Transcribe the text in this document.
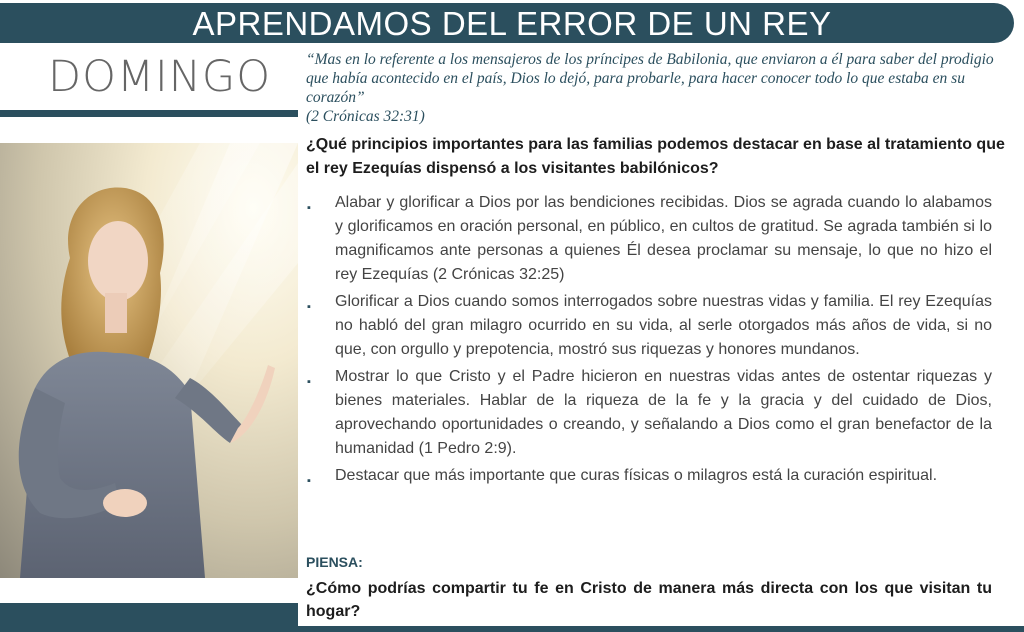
APRENDAMOS DEL ERROR DE UN REY
DOMINGO “Mas en lo referente a los mensajeros de los príncipes de Babilonia, que enviaron a él para saber del prodigio que había acontecido en el país, Dios lo dejó, para probarle, para hacer conocer todo lo que estaba en su corazón”
(2 Crónicas 32:31)
¿Qué principios importantes para las familias podemos destacar en base al tratamiento que el rey Ezequías dispensó a los visitantes babilónicos?
▪ Alabar y glorificar a Dios por las bendiciones recibidas. Dios se agrada cuando lo alabamos y glorificamos en oración personal, en público, en cultos de gratitud. Se agrada también si lo magnificamos ante personas a quienes Él desea proclamar su mensaje, lo que no hizo el rey Ezequías (2 Crónicas 32:25)
▪ Glorificar a Dios cuando somos interrogados sobre nuestras vidas y familia. El rey Ezequías no habló del gran milagro ocurrido en su vida, al serle otorgados más años de vida, si no que, con orgullo y prepotencia, mostró sus riquezas y honores mundanos.
▪ Mostrar lo que Cristo y el Padre hicieron en nuestras vidas antes de ostentar riquezas y bienes materiales. Hablar de la riqueza de la fe y la gracia y del cuidado de Dios, aprovechando oportunidades o creando, y señalando a Dios como el gran benefactor de la humanidad (1 Pedro 2:9).
▪ Destacar que más importante que curas físicas o milagros está la curación espiritual.
PIENSA:
¿Cómo podrías compartir tu fe en Cristo de manera más directa con los que visitan tu hogar?
